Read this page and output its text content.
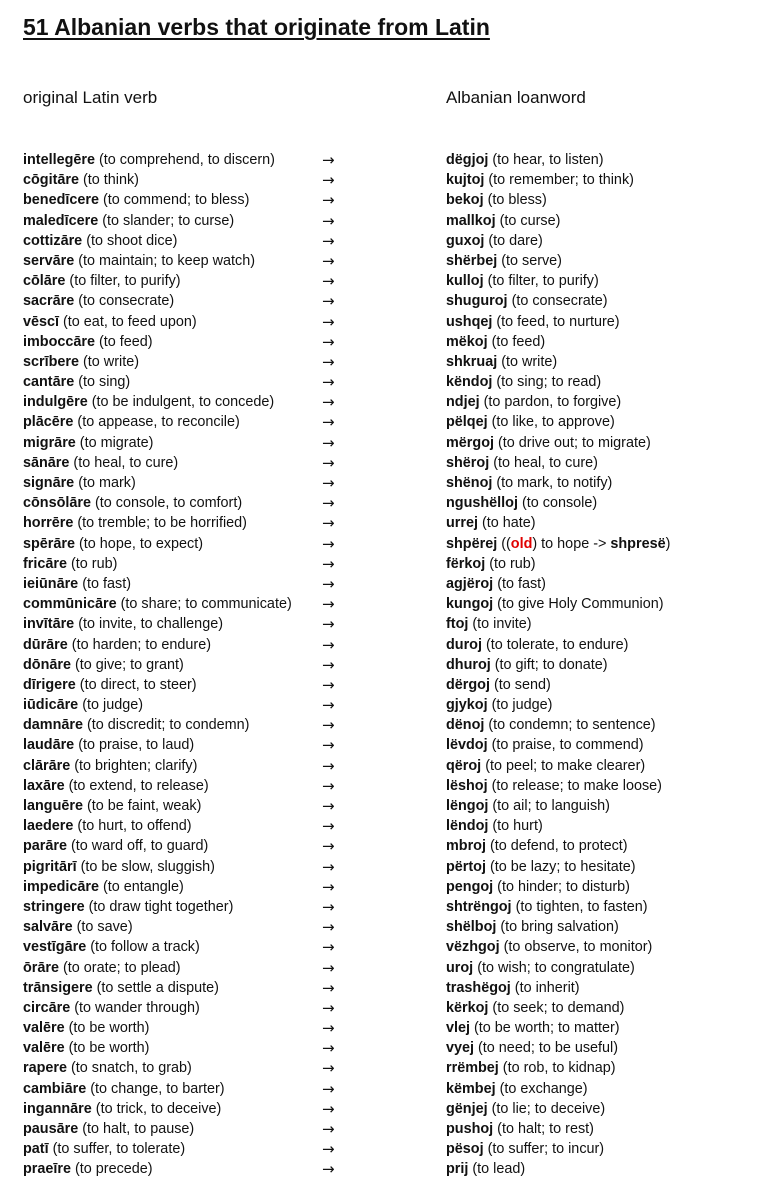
51 Albanian verbs that originate from Latin
original Latin verb	Albanian loanword
intellegēre (to comprehend, to discern)	→	dëgjoj (to hear, to listen)
cōgitāre (to think)	→	kujtoj (to remember; to think)
benedīcere (to commend; to bless)	→	bekoj (to bless)
maledīcere (to slander; to curse)	→	mallkoj (to curse)
cottizāre (to shoot dice)	→	guxoj (to dare)
servāre (to maintain; to keep watch)	→	shërbej (to serve)
cōlāre (to filter, to purify)	→	kulloj (to filter, to purify)
sacrāre (to consecrate)	→	shuguroj (to consecrate)
vēscī (to eat, to feed upon)	→	ushqej (to feed, to nurture)
imboccāre (to feed)	→	mëkoj (to feed)
scrībere (to write)	→	shkruaj (to write)
cantāre (to sing)	→	këndoj (to sing; to read)
indulgēre (to be indulgent, to concede)	→	ndjej (to pardon, to forgive)
plācēre (to appease, to reconcile)	→	pëlqej (to like, to approve)
migrāre (to migrate)	→	mërgoj (to drive out; to migrate)
sānāre (to heal, to cure)	→	shëroj (to heal, to cure)
signāre (to mark)	→	shënoj (to mark, to notify)
cōnsōlāre (to console, to comfort)	→	ngushëlloj (to console)
horrēre (to tremble; to be horrified)	→	urrej (to hate)
spērāre (to hope, to expect)	→	shpërej ((old) to hope -> shpresë)
fricāre (to rub)	→	fërkoj (to rub)
ieiūnāre (to fast)	→	agjëroj (to fast)
commūnicāre (to share; to communicate) →	kungoj (to give Holy Communion)
invītāre (to invite, to challenge)	→	ftoj (to invite)
dūrāre (to harden; to endure)	→	duroj (to tolerate, to endure)
dōnāre (to give; to grant)	→	dhuroj (to gift; to donate)
dīrigere (to direct, to steer)	→	dërgoj (to send)
iūdicāre (to judge)	→	gjykoj (to judge)
damnāre (to discredit; to condemn)	→	dënoj (to condemn; to sentence)
laudāre (to praise, to laud)	→	lëvdoj (to praise, to commend)
clārāre (to brighten; clarify)	→	qëroj (to peel; to make clearer)
laxāre (to extend, to release)	→	lëshoj (to release; to make loose)
languēre (to be faint, weak)	→	lëngoj (to ail; to languish)
laedere (to hurt, to offend)	→	lëndoj (to hurt)
parāre (to ward off, to guard)	→	mbroj (to defend, to protect)
pigritārī (to be slow, sluggish)	→	përtoj (to be lazy; to hesitate)
impedicāre (to entangle)	→	pengoj (to hinder; to disturb)
stringere (to draw tight together)	→	shtrëngoj (to tighten, to fasten)
salvāre (to save)	→	shëlboj (to bring salvation)
vestīgāre (to follow a track)	→	vëzhgoj (to observe, to monitor)
ōrāre (to orate; to plead)	→	uroj (to wish; to congratulate)
trānsigere (to settle a dispute)	→	trashëgoj (to inherit)
circāre (to wander through)	→	kërkoj (to seek; to demand)
valēre (to be worth)	→	vlej (to be worth; to matter)
valēre (to be worth)	→	vyej (to need; to be useful)
rapere (to snatch, to grab)	→	rrëmbej (to rob, to kidnap)
cambiāre (to change, to barter)	→	këmbej (to exchange)
ingannāre (to trick, to deceive)	→	gënjej (to lie; to deceive)
pausāre (to halt, to pause)	→	pushoj (to halt; to rest)
patī (to suffer, to tolerate)	→	pësoj (to suffer; to incur)
praeīre (to precede)	→	prij (to lead)
